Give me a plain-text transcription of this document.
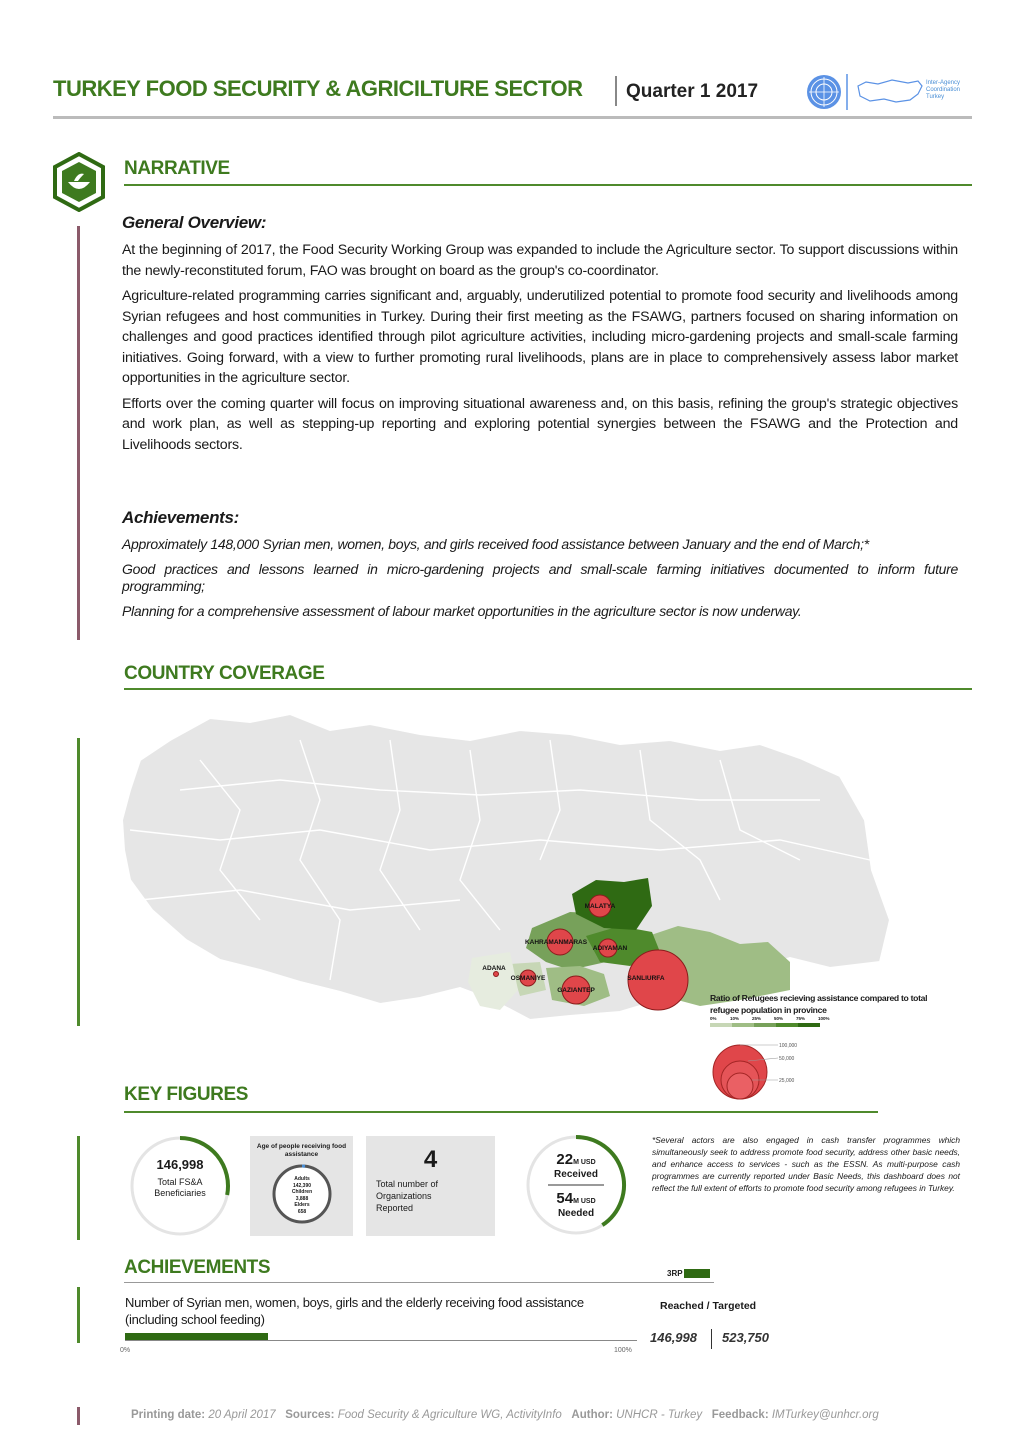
TURKEY FOOD SECURITY & AGRICILTURE SECTOR Quarter 1 2017	Inter-Agency Coordination Turkey
NARRATIVE
General Overview:

At the beginning of 2017, the Food Security Working Group was expanded to include the Agriculture sector. To support discussions within the newly-reconstituted forum, FAO was brought on board as the group's co-coordinator.

Agriculture-related programming carries significant and, arguably, underutilized potential to promote food security and livelihoods among Syrian refugees and host communities in Turkey. During their first meeting as the FSAWG, partners focused on sharing information on challenges and good practices identified through pilot agriculture activities, including micro-gardening projects and small-scale farming initiatives. Going forward, with a view to further promoting rural livelihoods, plans are in place to comprehensively assess labor market opportunities in the agriculture sector.

Efforts over the coming quarter will focus on improving situational awareness and, on this basis, refining the group's strategic objectives and work plan, as well as stepping-up reporting and exploring potential synergies between the FSAWG and the Protection and Livelihoods sectors.

Achievements:

Approximately 148,000 Syrian men, women, boys, and girls received food assistance between January and the end of March;*

Good practices and lessons learned in micro-gardening projects and small-scale farming initiatives documented to inform future programming;

Planning for a comprehensive assessment of labour market opportunities in the agriculture sector is now underway.

COUNTRY COVERAGE
MALATYA
KAHRAMANMARAS
ADIYAMAN
ADANA
OSMANIYE
GAZIANTEP
SANLIURFA
Ratio of Refugees recieving assistance compared to total refugee population in province
0%	10%	25%	50%	75%	100%
100,000
50,000
25,000
KEY FIGURES
146,998
Total FS&A Beneficiaries
Age of people receiving food assistance
Adults
142,390
Children
3,888
Elders
658
4
Total number of Organizations Reported
22M USD
Received
54M USD
Needed
*Several actors are also engaged in cash transfer programmes which simultaneously seek to address promote food security, address other basic needs, and enhance access to services - such as the ESSN. As multi-purpose cash programmes are currently reported under Basic Needs, this dashboard does not reflect the full extent of efforts to promote food security among refugees in Turkey.
ACHIEVEMENTS	3RP
Number of Syrian men, women, boys, girls and the elderly receiving food assistance (including school feeding)
0%	100%
Reached / Targeted
146,998 523,750
Printing date: 20 April 2017 Sources: Food Security & Agriculture WG, ActivityInfo Author: UNHCR - Turkey Feedback: IMTurkey@unhcr.org
